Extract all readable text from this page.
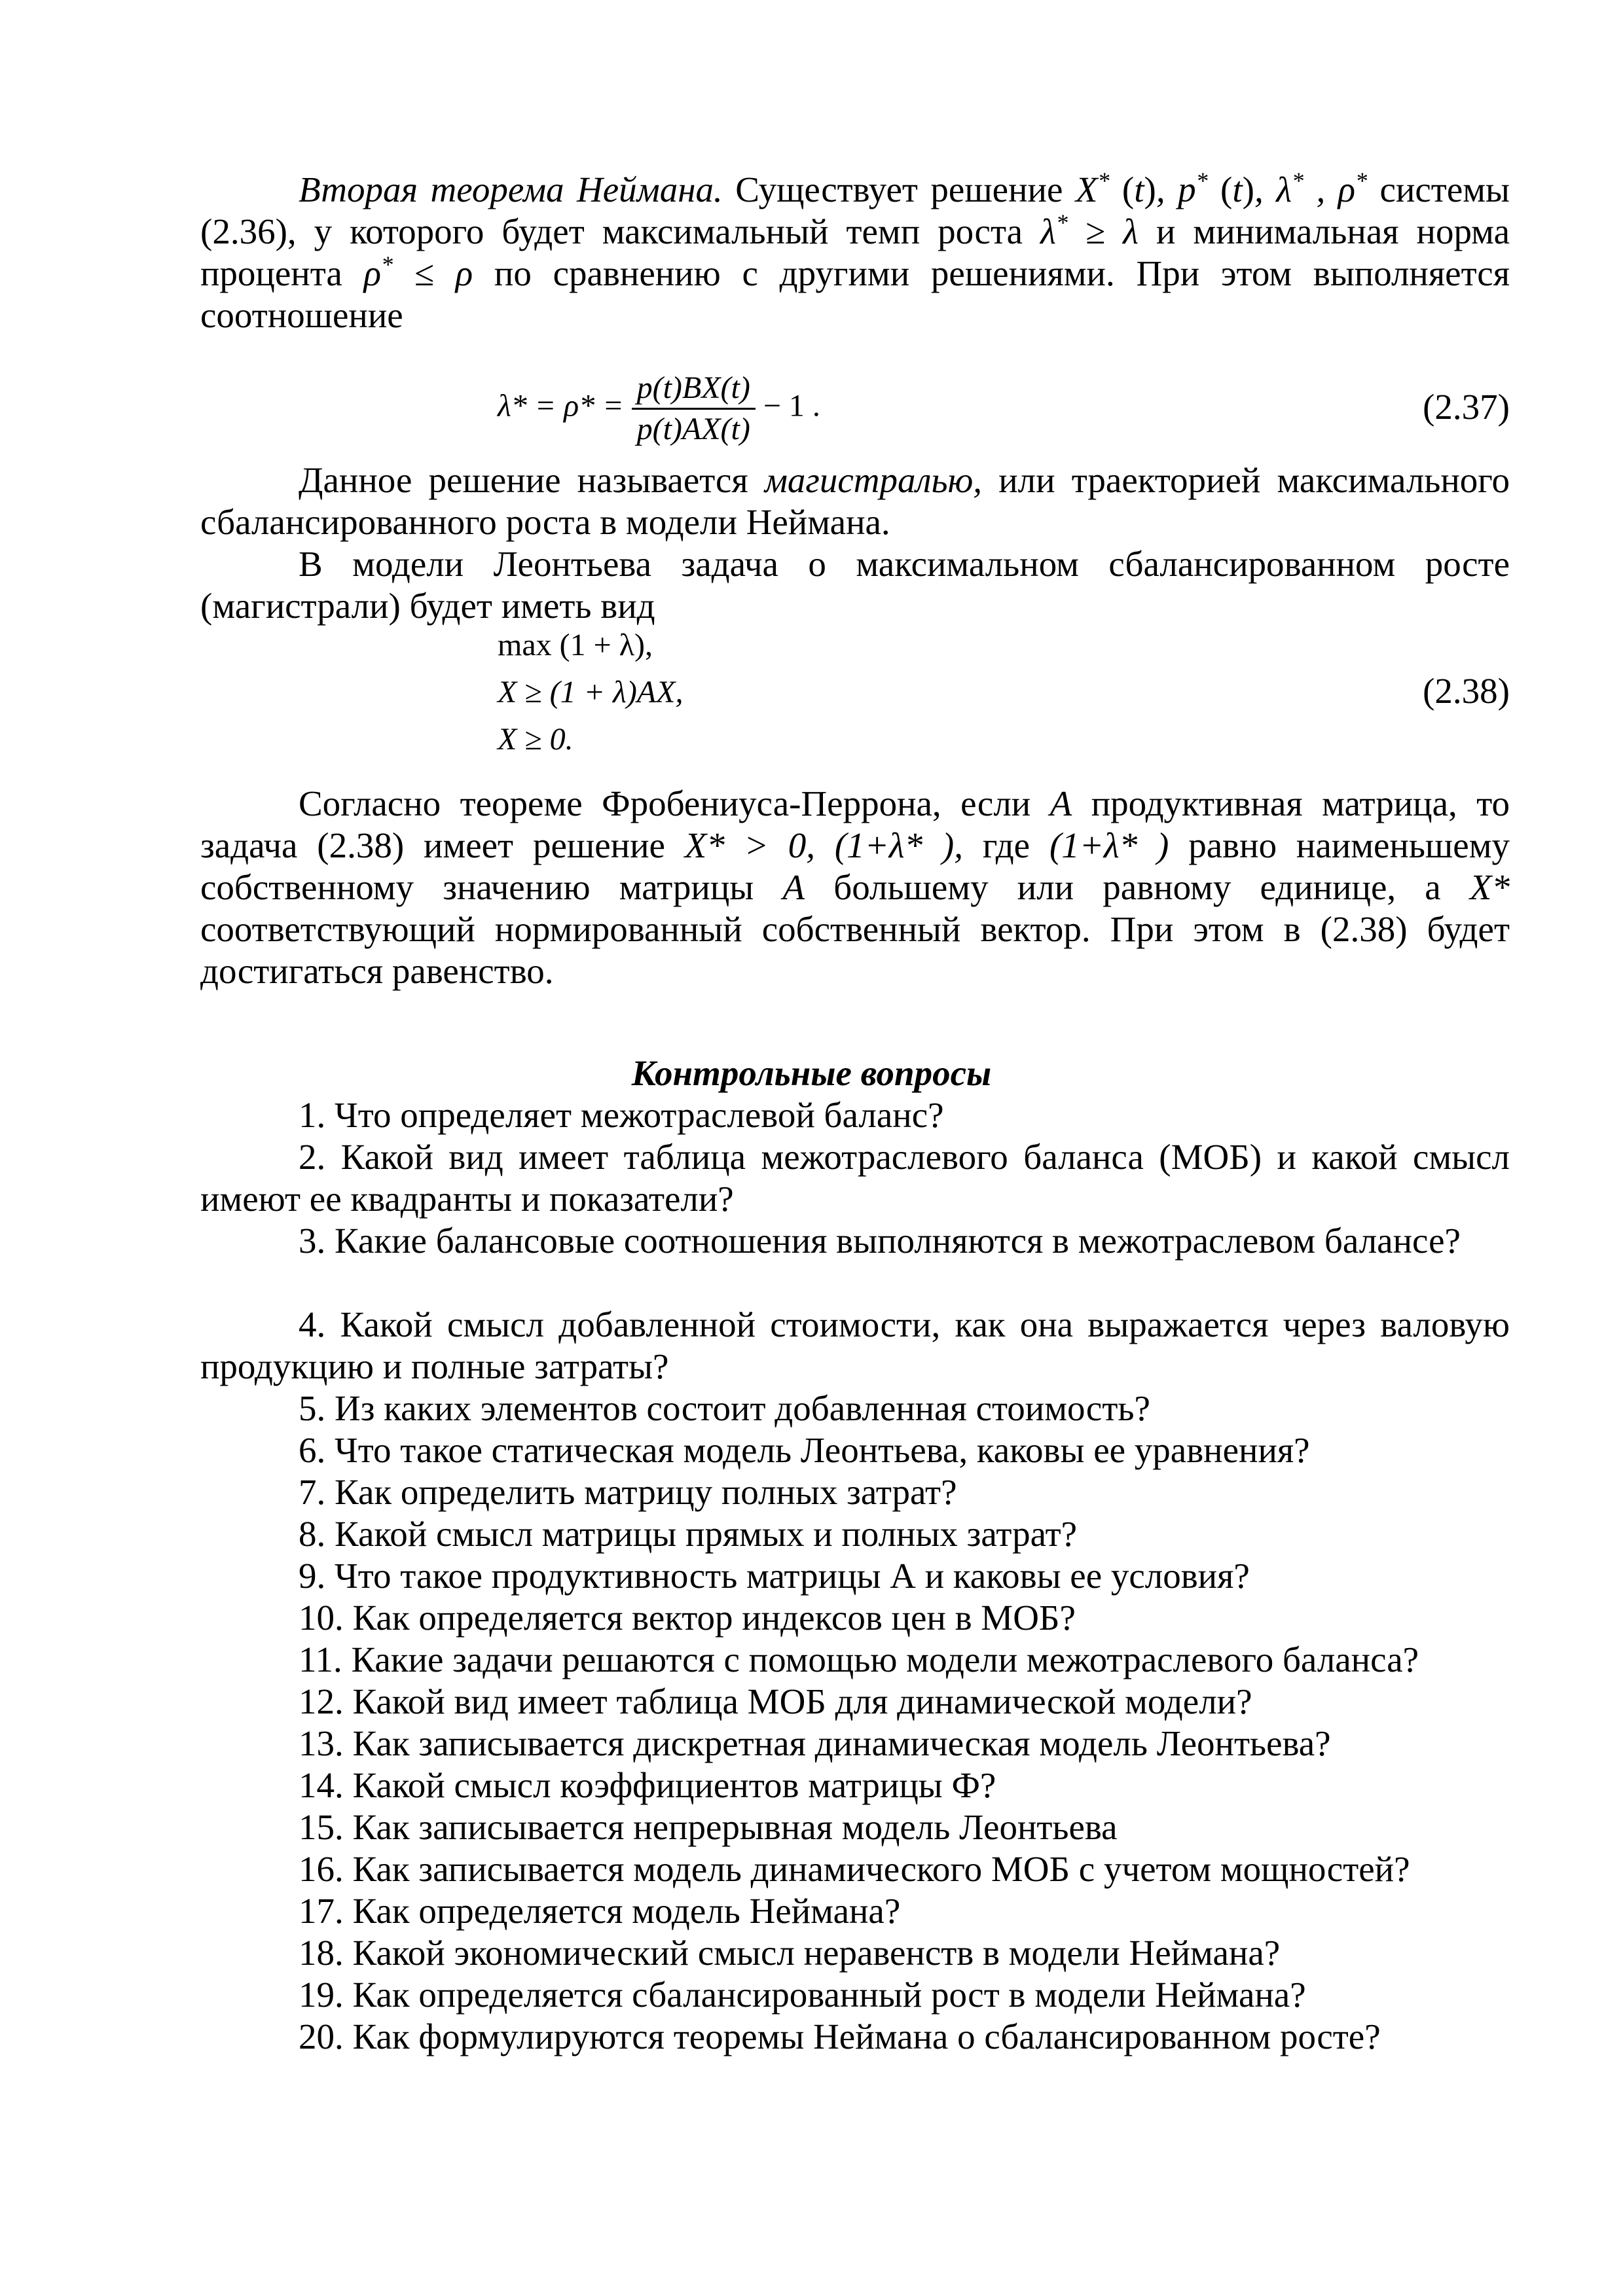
Вторая теорема Неймана. Существует решение X* (t), p* (t), λ* , ρ* системы (2.36), у которого будет максимальный темп роста λ* ≥ λ и минимальная норма процента ρ* ≤ ρ по сравнению с другими решениями. При этом выполняется соотношение
$\lambda* = \rho* = \frac{p(t)BX(t)}{p(t)AX(t)} - 1$ .	(2.37)
Данное решение называется магистралью, или траекторией максимального сбалансированного роста в модели Неймана.
В модели Леонтьева задача о максимальном сбалансированном росте (магистрали) будет иметь вид
max (1 + λ),
X ≥ (1 + λ)AX,
X ≥ 0.
(2.38)
Согласно теореме Фробениуса-Перрона, если A продуктивная матрица, то задача (2.38) имеет решение X* > 0, (1+λ* ), где (1+λ* ) равно наименьшему собственному значению матрицы A большему или равному единице, а X* соответствующий нормированный собственный вектор. При этом в (2.38) будет достигаться равенство.
Контрольные вопросы
1. Что определяет межотраслевой баланс?
2. Какой вид имеет таблица межотраслевого баланса (МОБ) и какой смысл имеют ее квадранты и показатели?
3. Какие балансовые соотношения выполняются в межотраслевом балансе?
4. Какой смысл добавленной стоимости, как она выражается через валовую продукцию и полные затраты?
5. Из каких элементов состоит добавленная стоимость?
6. Что такое статическая модель Леонтьева, каковы ее уравнения?
7. Как определить матрицу полных затрат?
8. Какой смысл матрицы прямых и полных затрат?
9. Что такое продуктивность матрицы А и каковы ее условия?
10. Как определяется вектор индексов цен в МОБ?
11. Какие задачи решаются с помощью модели межотраслевого баланса?
12. Какой вид имеет таблица МОБ для динамической модели?
13. Как записывается дискретная динамическая модель Леонтьева?
14. Какой смысл коэффициентов матрицы Ф?
15. Как записывается непрерывная модель Леонтьева
16. Как записывается модель динамического МОБ с учетом мощностей?
17. Как определяется модель Неймана?
18. Какой экономический смысл неравенств в модели Неймана?
19. Как определяется сбалансированный рост в модели Неймана?
20. Как формулируются теоремы Неймана о сбалансированном росте?
